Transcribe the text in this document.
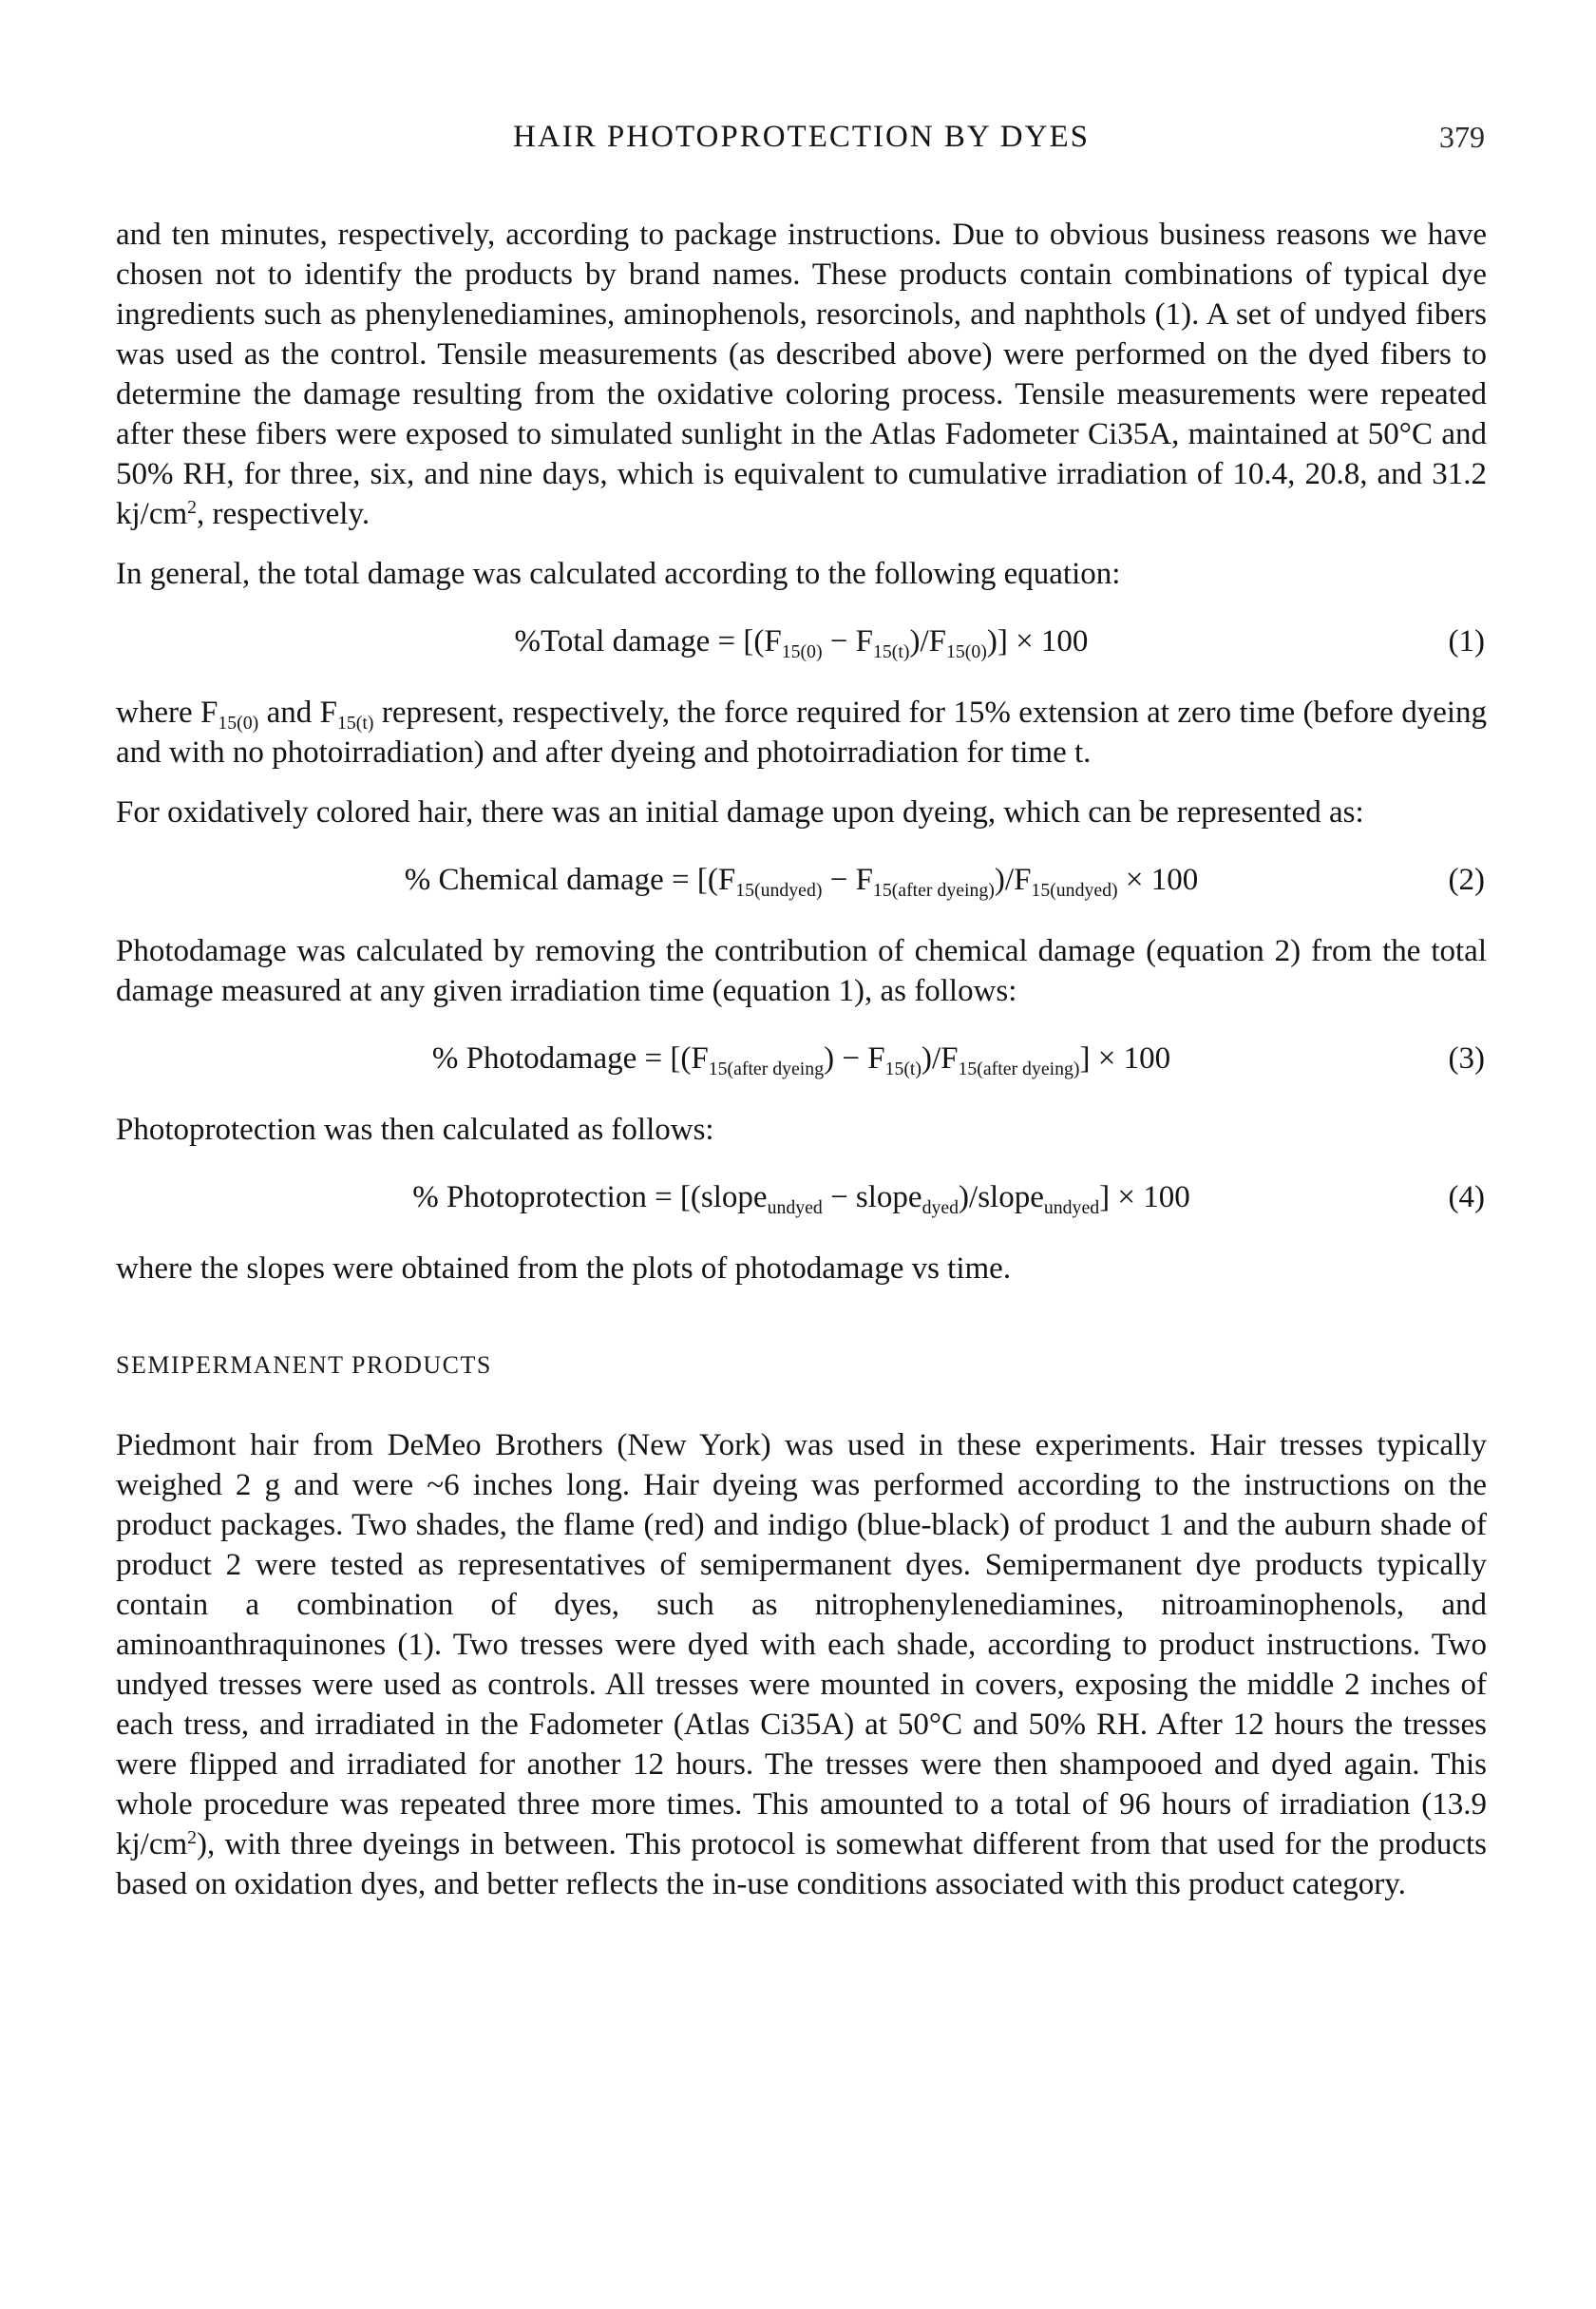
HAIR PHOTOPROTECTION BY DYES	379

and ten minutes, respectively, according to package instructions. Due to obvious business reasons we have chosen not to identify the products by brand names. These products contain combinations of typical dye ingredients such as phenylenediamines, aminophenols, resorcinols, and naphthols (1). A set of undyed fibers was used as the control. Tensile measurements (as described above) were performed on the dyed fibers to determine the damage resulting from the oxidative coloring process. Tensile measurements were repeated after these fibers were exposed to simulated sunlight in the Atlas Fadometer Ci35A, maintained at 50°C and 50% RH, for three, six, and nine days, which is equivalent to cumulative irradiation of 10.4, 20.8, and 31.2 $kj/cm^2$, respectively.

In general, the total damage was calculated according to the following equation:

%Total damage = $[(F_{15(0)} - F_{15(t)})/F_{15(0)})] \times 100$	(1)

where $F_{15(0)}$ and $F_{15(t)}$ represent, respectively, the force required for 15% extension at zero time (before dyeing and with no photoirradiation) and after dyeing and photoirradiation for time t.

For oxidatively colored hair, there was an initial damage upon dyeing, which can be represented as:

% Chemical damage = [$(F_{15(undyed)} - F_{15(after dyeing)})/F_{15(undyed)} \times 100$	(2)

Photodamage was calculated by removing the contribution of chemical damage (equation 2) from the total damage measured at any given irradiation time (equation 1), as follows:

% Photodamage = $[(F_{15(after dyeing}) - F_{15(t)})/F_{15(after dyeing)}] \times 100$	(3)

Photoprotection was then calculated as follows:

% Photoprotection = [(slope$_{undyed}$ − slope$_{dyed}$)/slope$_{undyed}$] × 100	(4)

where the slopes were obtained from the plots of photodamage vs time.

SEMIPERMANENT PRODUCTS

Piedmont hair from DeMeo Brothers (New York) was used in these experiments. Hair tresses typically weighed 2 g and were ~6 inches long. Hair dyeing was performed according to the instructions on the product packages. Two shades, the flame (red) and indigo (blue-black) of product 1 and the auburn shade of product 2 were tested as representatives of semipermanent dyes. Semipermanent dye products typically contain a combination of dyes, such as nitrophenylenediamines, nitroaminophenols, and aminoanthraquinones (1). Two tresses were dyed with each shade, according to product instructions. Two undyed tresses were used as controls. All tresses were mounted in covers, exposing the middle 2 inches of each tress, and irradiated in the Fadometer (Atlas Ci35A) at 50°C and 50% RH. After 12 hours the tresses were flipped and irradiated for another 12 hours. The tresses were then shampooed and dyed again. This whole procedure was repeated three more times. This amounted to a total of 96 hours of irradiation (13.9 $kj/cm^2$), with three dyeings in between. This protocol is somewhat different from that used for the products based on oxidation dyes, and better reflects the in-use conditions associated with this product category.
